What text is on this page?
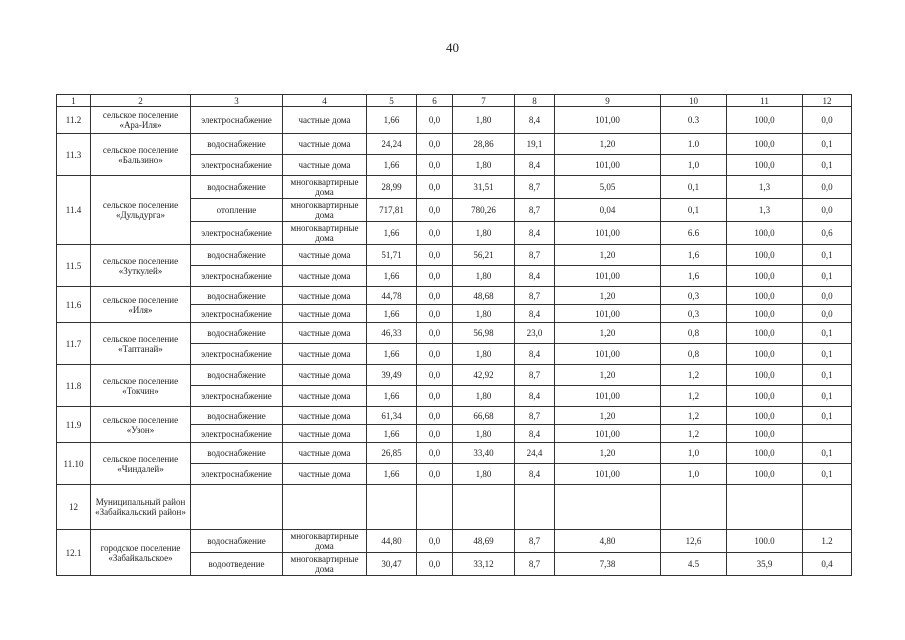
40
1	2	3	4	5	6	7	8	9	10	11	12
11.2	сельское поселение «Ара-Иля»	электроснабжение	частные дома	1,66	0,0	1,80	8,4	101,00	0.3	100,0	0,0
11.3	сельское поселение «Бальзино»	водоснабжение	частные дома	24,24	0,0	28,86	19,1	1,20	1.0	100,0	0,1
		электроснабжение	частные дома	1,66	0,0	1,80	8,4	101,00	1,0	100,0	0,1
11.4	сельское поселение «Дульдурга»	водоснабжение	многоквартирные дома	28,99	0,0	31,51	8,7	5,05	0,1	1,3	0,0
		отопление	многоквартирные дома	717,81	0,0	780,26	8,7	0,04	0,1	1,3	0,0
		электроснабжение	многоквартирные дома	1,66	0,0	1,80	8,4	101,00	6.6	100,0	0,6
11.5	сельское поселение «Зуткулей»	водоснабжение	частные дома	51,71	0,0	56,21	8,7	1,20	1,6	100,0	0,1
		электроснабжение	частные дома	1,66	0,0	1,80	8,4	101,00	1,6	100,0	0,1
11.6	сельское поселение «Иля»	водоснабжение	частные дома	44,78	0,0	48,68	8,7	1,20	0,3	100,0	0,0
		электроснабжение	частные дома	1,66	0,0	1,80	8,4	101,00	0,3	100,0	0,0
11.7	сельское поселение «Таптанай»	водоснабжение	частные дома	46,33	0,0	56,98	23,0	1,20	0,8	100,0	0,1
		электроснабжение	частные дома	1,66	0,0	1,80	8,4	101,00	0,8	100,0	0,1
11.8	сельское поселение «Токчин»	водоснабжение	частные дома	39,49	0,0	42,92	8,7	1,20	1,2	100,0	0,1
		электроснабжение	частные дома	1,66	0,0	1,80	8,4	101,00	1,2	100,0	0,1
11.9	сельское поселение «Узон»	водоснабжение	частные дома	61,34	0,0	66,68	8,7	1,20	1,2	100,0	0,1
		электроснабжение	частные дома	1,66	0,0	1,80	8,4	101,00	1,2	100,0	
11.10	сельское поселение «Чиндалей»	водоснабжение	частные дома	26,85	0,0	33,40	24,4	1,20	1,0	100,0	0,1
		электроснабжение	частные дома	1,66	0,0	1,80	8,4	101,00	1,0	100,0	0,1
12	Муниципальный район «Забайкальский район»										
12.1	городское поселение «Забайкальское»	водоснабжение	многоквартирные дома	44,80	0,0	48,69	8,7	4,80	12,6	100.0	1.2
		водоотведение	многоквартирные дома	30,47	0,0	33,12	8,7	7,38	4.5	35,9	0,4
